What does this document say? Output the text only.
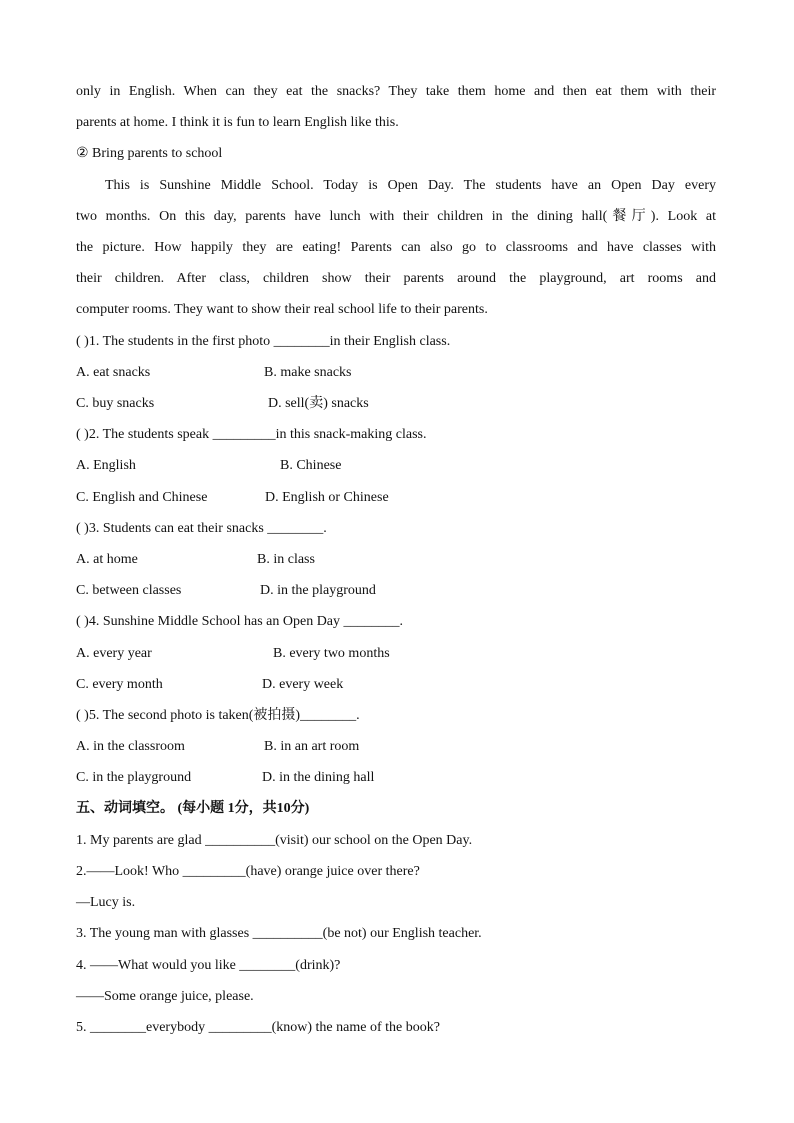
only in English. When can they eat the snacks? They take them home and then eat them with their
parents at home. I think it is fun to learn English like this.
② Bring parents to school
This is Sunshine Middle School. Today is Open Day. The students have an Open Day every
two months. On this day, parents have lunch with their children in the dining hall(餐厅). Look at
the picture. How happily they are eating! Parents can also go to classrooms and have classes with
their children. After class, children show their parents around the playground, art rooms and
computer rooms. They want to show their real school life to their parents.
( )1. The students in the first photo ________in their English class.
A. eat snacks	B. make snacks
C. buy snacks	D. sell(卖) snacks
( )2. The students speak _________in this snack-making class.
A. English	B. Chinese
C. English and Chinese	D. English or Chinese
( )3. Students can eat their snacks ________.
A. at home	B. in class
C. between classes	D. in the playground
( )4. Sunshine Middle School has an Open Day ________.
A. every year	B. every two months
C. every month	D. every week
( )5. The second photo is taken(被拍摄)________.
A. in the classroom	B. in an art room
C. in the playground	D. in the dining hall
五、动词填空。 (每小题 1分，共10分)
1. My parents are glad __________(visit) our school on the Open Day.
2.——Look! Who _________(have) orange juice over there?
—Lucy is.
3. The young man with glasses __________(be not) our English teacher.
4. ——What would you like ________(drink)?
——Some orange juice, please.
5. ________everybody _________(know) the name of the book?
